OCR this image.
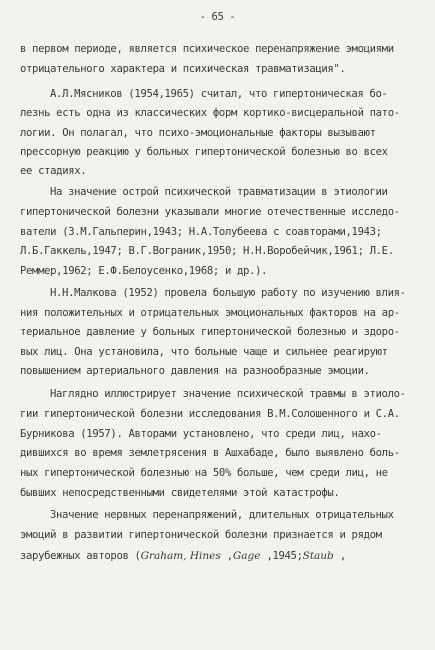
- 65 -
в первом периоде, является психическое перенапряжение эмоциями
отрицательного характера и психическая травматизация".
А.Л.Мясников (1954,1965) считал, что гипертоническая бо-
лезнь есть одна из классических форм кортико-висцеральной пато-
логии. Он полагал, что психо-эмоциональные факторы вызывают
прессорную реакцию у больных гипертонической болезнью во всех
ее стадиях.
На значение острой психической травматизации в этиологии
гипертонической болезни указывали многие отечественные исследо-
ватели (З.М.Гальперин,1943; Н.А.Толубеева с соавторами,1943;
Л.Б.Гаккель,1947; В.Г.Вограник,1950; Н.Н.Воробейчик,1961; Л.Е.
Реммер,1962; Е.Ф.Белоусенко,1968; и др.).
Н.Н.Малкова (1952) провела большую работу по изучению влия-
ния положительных и отрицательных эмоциональных факторов на ар-
териальное давление у больных гипертонической болезнью и здоро-
вых лиц. Она установила, что больные чаще и сильнее реагируют
повышением артериального давления на разнообразные эмоции.
Наглядно иллюстрирует значение психической травмы в этиоло-
гии гипертонической болезни исследования В.М.Солошенного и С.А.
Бурникова (1957). Авторами установлено, что среди лиц, нахо-
дившихся во время землетрясения в Ашхабаде, было выявлено боль-
ных гипертонической болезнью на 50% больше, чем среди лиц, не
бывших непосредственными свидетелями этой катастрофы.
Значение нервных перенапряжений, длительных отрицательных
эмоций в развитии гипертонической болезни признается и рядом
зарубежных авторов (Graham, Hines ,Gage ,1945;Staub ,
